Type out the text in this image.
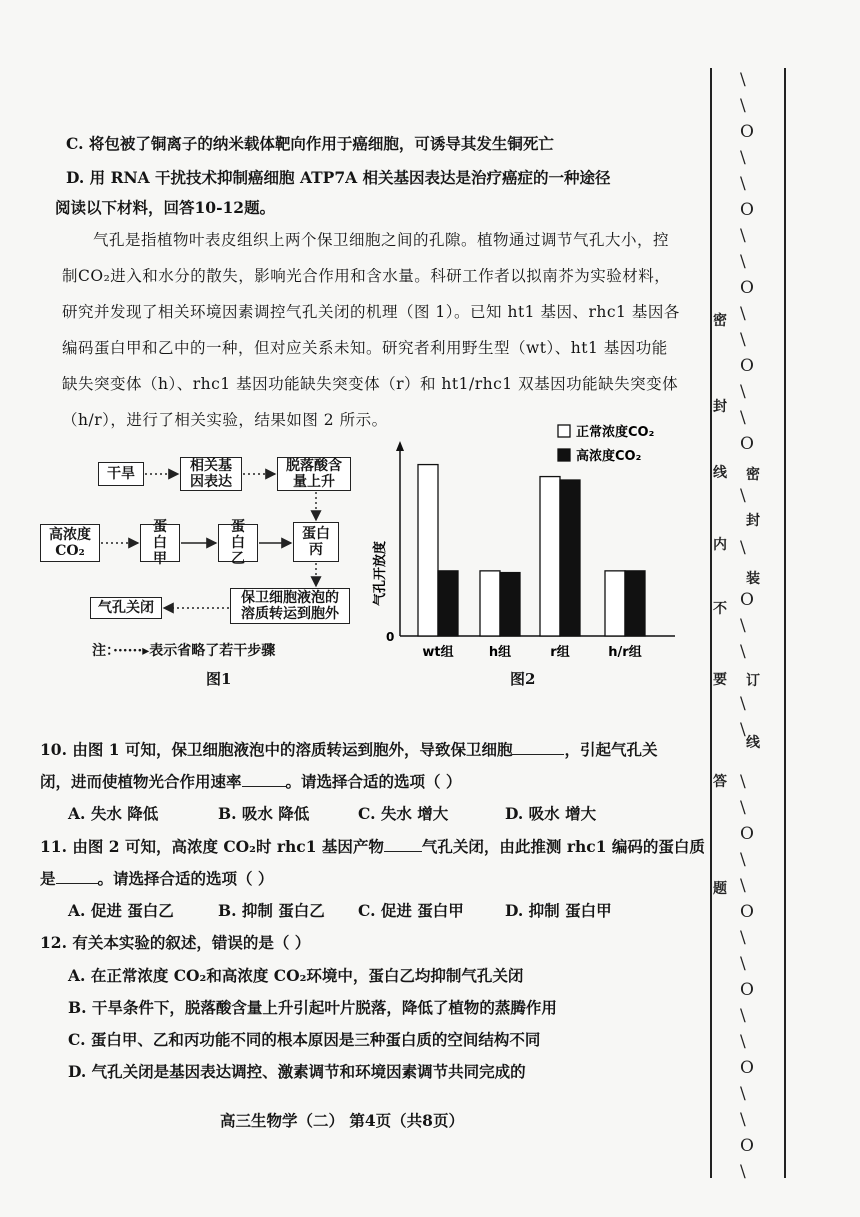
C. 将包被了铜离子的纳米载体靶向作用于癌细胞，可诱导其发生铜死亡
D. 用 RNA 干扰技术抑制癌细胞 ATP7A 相关基因表达是治疗癌症的一种途径
阅读以下材料，回答10-12题。
气孔是指植物叶表皮组织上两个保卫细胞之间的孔隙。植物通过调节气孔大小，控制CO₂进入和水分的散失，影响光合作用和含水量。科研工作者以拟南芥为实验材料，研究并发现了相关环境因素调控气孔关闭的机理（图 1）。已知 ht1 基因、rhc1 基因各编码蛋白甲和乙中的一种，但对应关系未知。研究者利用野生型（wt）、ht1 基因功能缺失突变体（h）、rhc1 基因功能缺失突变体（r）和 ht1/rhc1 双基因功能缺失突变体（h/r），进行了相关实验，结果如图 2 所示。
干旱	相关基因表达
脱落酸含量上升
高浓度CO₂
蛋白甲
蛋白乙
蛋白丙
保卫细胞液泡的溶质转运到胞外
气孔关闭
注：······▸表示省略了若干步骤
图1
0
气孔开放度
wt组	h组	r组	h/r组
正常浓度CO₂
高浓度CO₂
图2
10. 由图 1 可知，保卫细胞液泡中的溶质转运到胞外，导致保卫细胞	，引起气孔关
闭，进而使植物光合作用速率	。请选择合适的选项（ ）
A. 失水 降低	B. 吸水 降低	C. 失水 增大	D. 吸水 增大
11. 由图 2 可知，高浓度 CO₂时 rhc1 基因产物 气孔关闭，由此推测 rhc1 编码的蛋白质
是	。请选择合适的选项（ ）
A. 促进 蛋白乙	B. 抑制 蛋白乙	C. 促进 蛋白甲	D. 抑制 蛋白甲
12. 有关本实验的叙述，错误的是（ ）
A. 在正常浓度 CO₂和高浓度 CO₂环境中，蛋白乙均抑制气孔关闭
B. 干旱条件下，脱落酸含量上升引起叶片脱落，降低了植物的蒸腾作用
C. 蛋白甲、乙和丙功能不同的根本原因是三种蛋白质的空间结构不同
D. 气孔关闭是基因表达调控、激素调节和环境因素调节共同完成的
高三生物学（二） 第4页（共8页）
\
\
O
\
\
O
\
\
O
\
\
O
\
\
O
\
\
O
\
\
\
\
\
\
O
\
\
O
\
\
O
\
\
O
\
\
O
\
密
封
线
内
不
要
答
题
密
封
装
订
线
